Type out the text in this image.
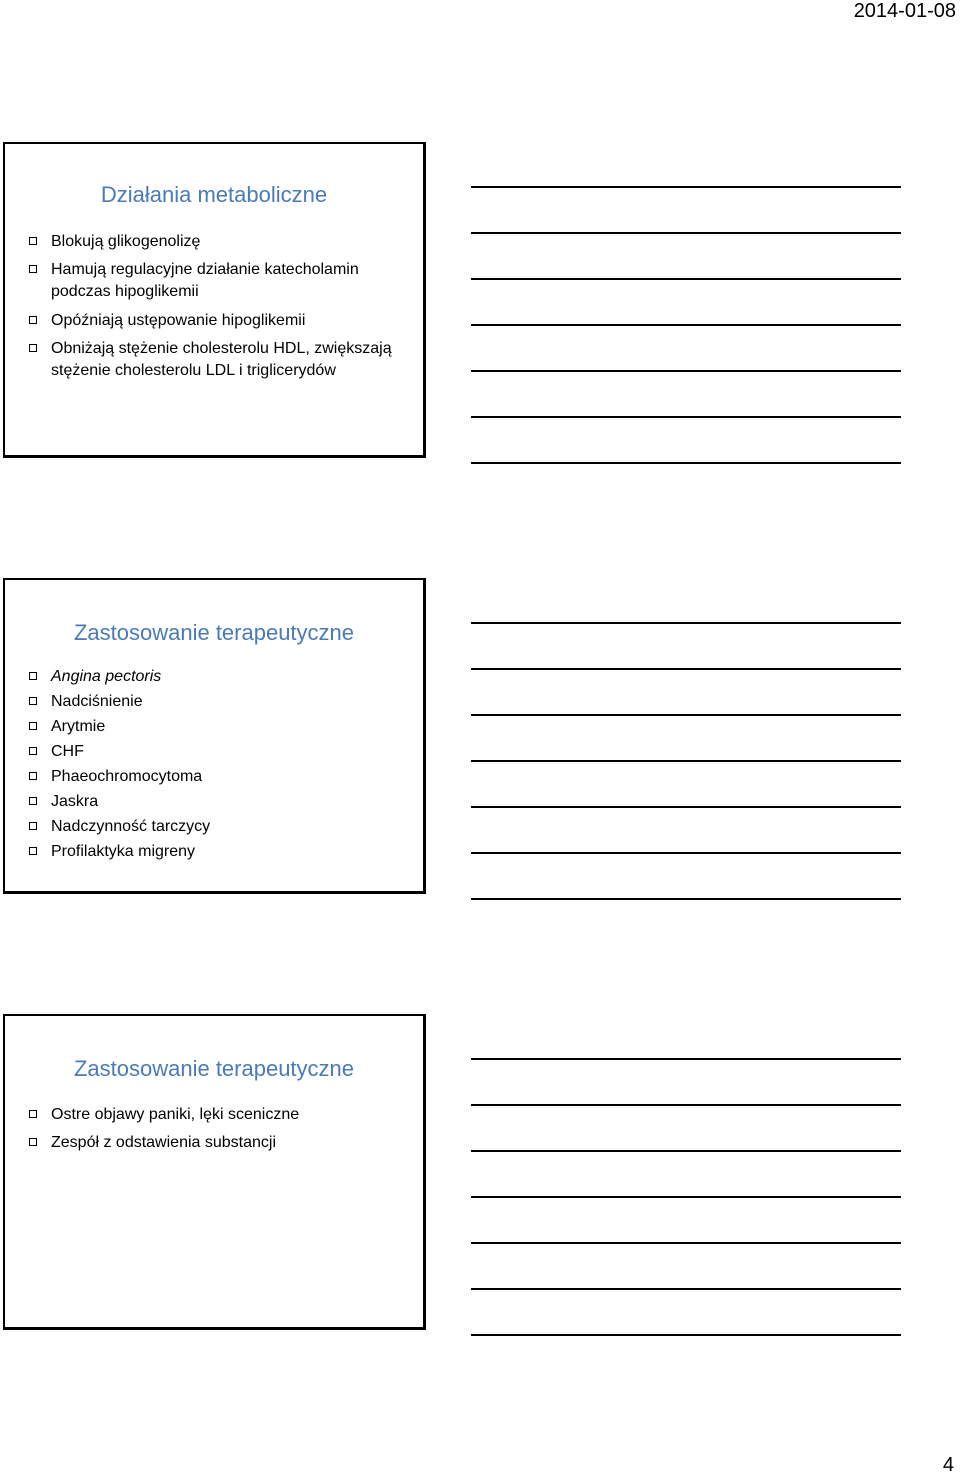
2014-01-08
Działania metaboliczne
Blokują glikogenolizę
Hamują regulacyjne działanie katecholamin podczas hipoglikemii
Opóźniają ustępowanie hipoglikemii
Obniżają stężenie cholesterolu HDL, zwiększają stężenie cholesterolu LDL i triglicerydów
Zastosowanie terapeutyczne
Angina pectoris
Nadciśnienie
Arytmie
CHF
Phaeochromocytoma
Jaskra
Nadczynność tarczycy
Profilaktyka migreny
Zastosowanie terapeutyczne
Ostre objawy paniki, lęki sceniczne
Zespół z odstawienia substancji
4
